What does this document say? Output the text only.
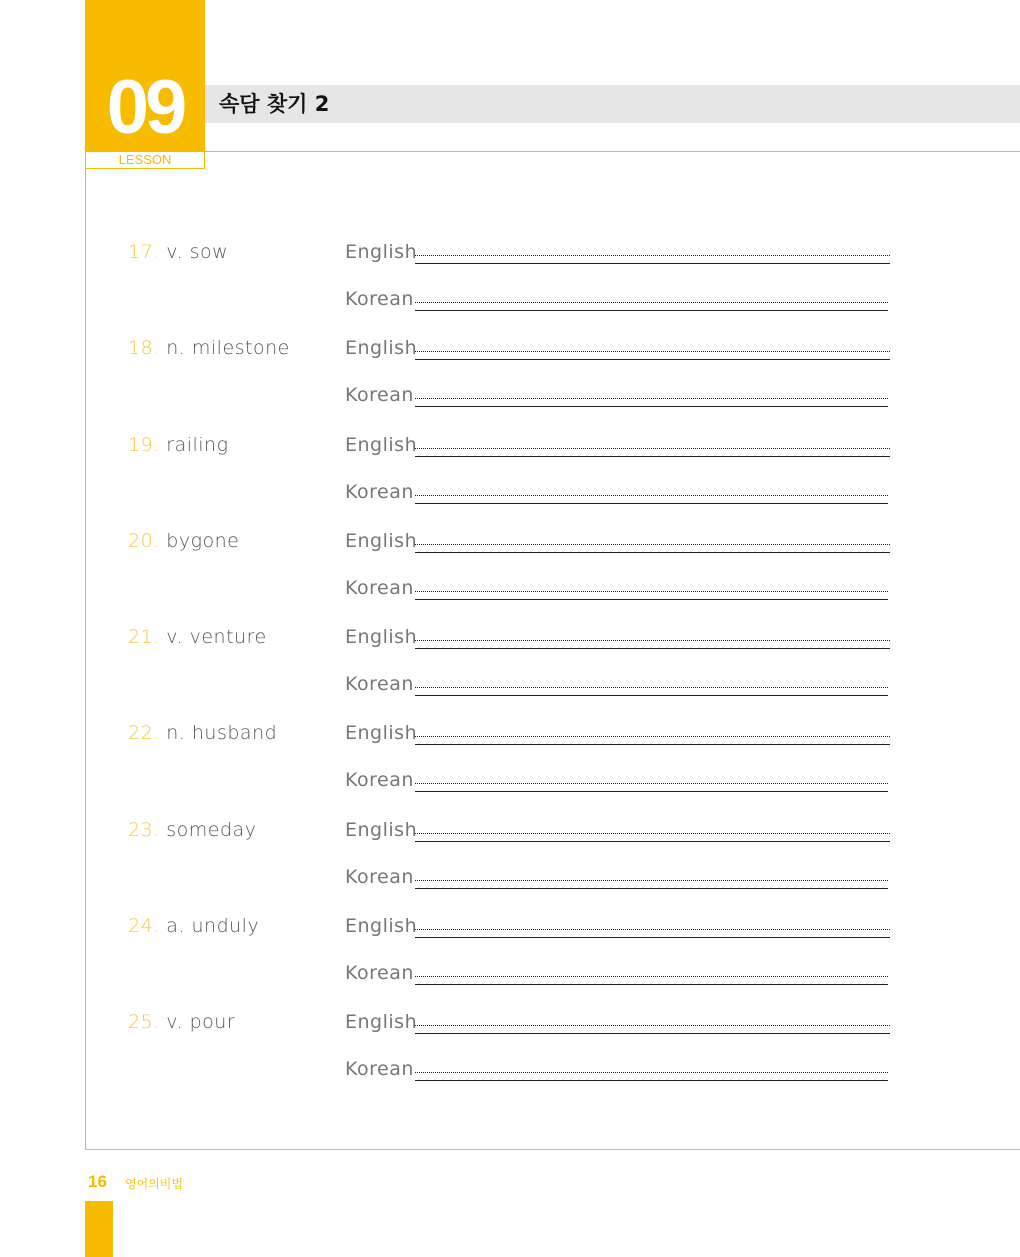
09
LESSON
속담 찾기 2
17. v. sow	English
Korean
18. n. milestone	English
Korean
19. railing	English
Korean
20. bygone	English
Korean
21. v. venture	English
Korean
22. n. husband	English
Korean
23. someday	English
Korean
24. a. unduly	English
Korean
25. v. pour	English
Korean
16 영어의비법
